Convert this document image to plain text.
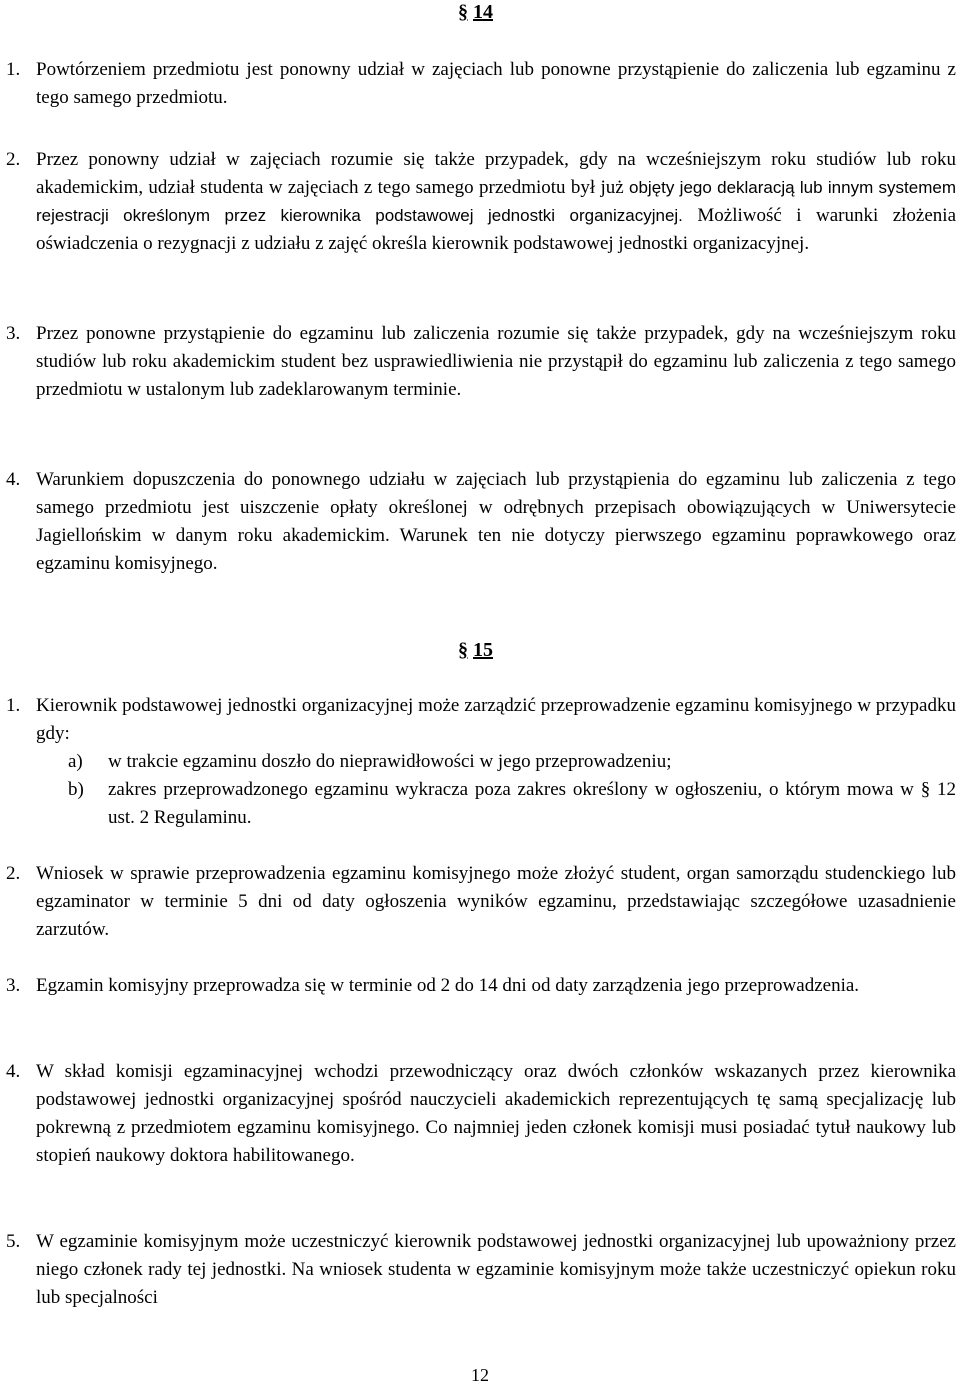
§ 14
1. Powtórzeniem przedmiotu jest ponowny udział w zajęciach lub ponowne przystąpienie do zaliczenia lub egzaminu z tego samego przedmiotu.
2. Przez ponowny udział w zajęciach rozumie się także przypadek, gdy na wcześniejszym roku studiów lub roku akademickim, udział studenta w zajęciach z tego samego przedmiotu był już objęty jego deklaracją lub innym systemem rejestracji określonym przez kierownika podstawowej jednostki organizacyjnej. Możliwość i warunki złożenia oświadczenia o rezygnacji z udziału z zajęć określa kierownik podstawowej jednostki organizacyjnej.
3. Przez ponowne przystąpienie do egzaminu lub zaliczenia rozumie się także przypadek, gdy na wcześniejszym roku studiów lub roku akademickim student bez usprawiedliwienia nie przystąpił do egzaminu lub zaliczenia z tego samego przedmiotu w ustalonym lub zadeklarowanym terminie.
4. Warunkiem dopuszczenia do ponownego udziału w zajęciach lub przystąpienia do egzaminu lub zaliczenia z tego samego przedmiotu jest uiszczenie opłaty określonej w odrębnych przepisach obowiązujących w Uniwersytecie Jagiellońskim w danym roku akademickim. Warunek ten nie dotyczy pierwszego egzaminu poprawkowego oraz egzaminu komisyjnego.
§ 15
1. Kierownik podstawowej jednostki organizacyjnej może zarządzić przeprowadzenie egzaminu komisyjnego w przypadku gdy:
a) w trakcie egzaminu doszło do nieprawidłowości w jego przeprowadzeniu;
b) zakres przeprowadzonego egzaminu wykracza poza zakres określony w ogłoszeniu, o którym mowa w § 12 ust. 2 Regulaminu.
2. Wniosek w sprawie przeprowadzenia egzaminu komisyjnego może złożyć student, organ samorządu studenckiego lub egzaminator w terminie 5 dni od daty ogłoszenia wyników egzaminu, przedstawiając szczegółowe uzasadnienie zarzutów.
3. Egzamin komisyjny przeprowadza się w terminie od 2 do 14 dni od daty zarządzenia jego przeprowadzenia.
4. W skład komisji egzaminacyjnej wchodzi przewodniczący oraz dwóch członków wskazanych przez kierownika podstawowej jednostki organizacyjnej spośród nauczycieli akademickich reprezentujących tę samą specjalizację lub pokrewną z przedmiotem egzaminu komisyjnego. Co najmniej jeden członek komisji musi posiadać tytuł naukowy lub stopień naukowy doktora habilitowanego.
5. W egzaminie komisyjnym może uczestniczyć kierownik podstawowej jednostki organizacyjnej lub upoważniony przez niego członek rady tej jednostki. Na wniosek studenta w egzaminie komisyjnym może także uczestniczyć opiekun roku lub specjalności
12
